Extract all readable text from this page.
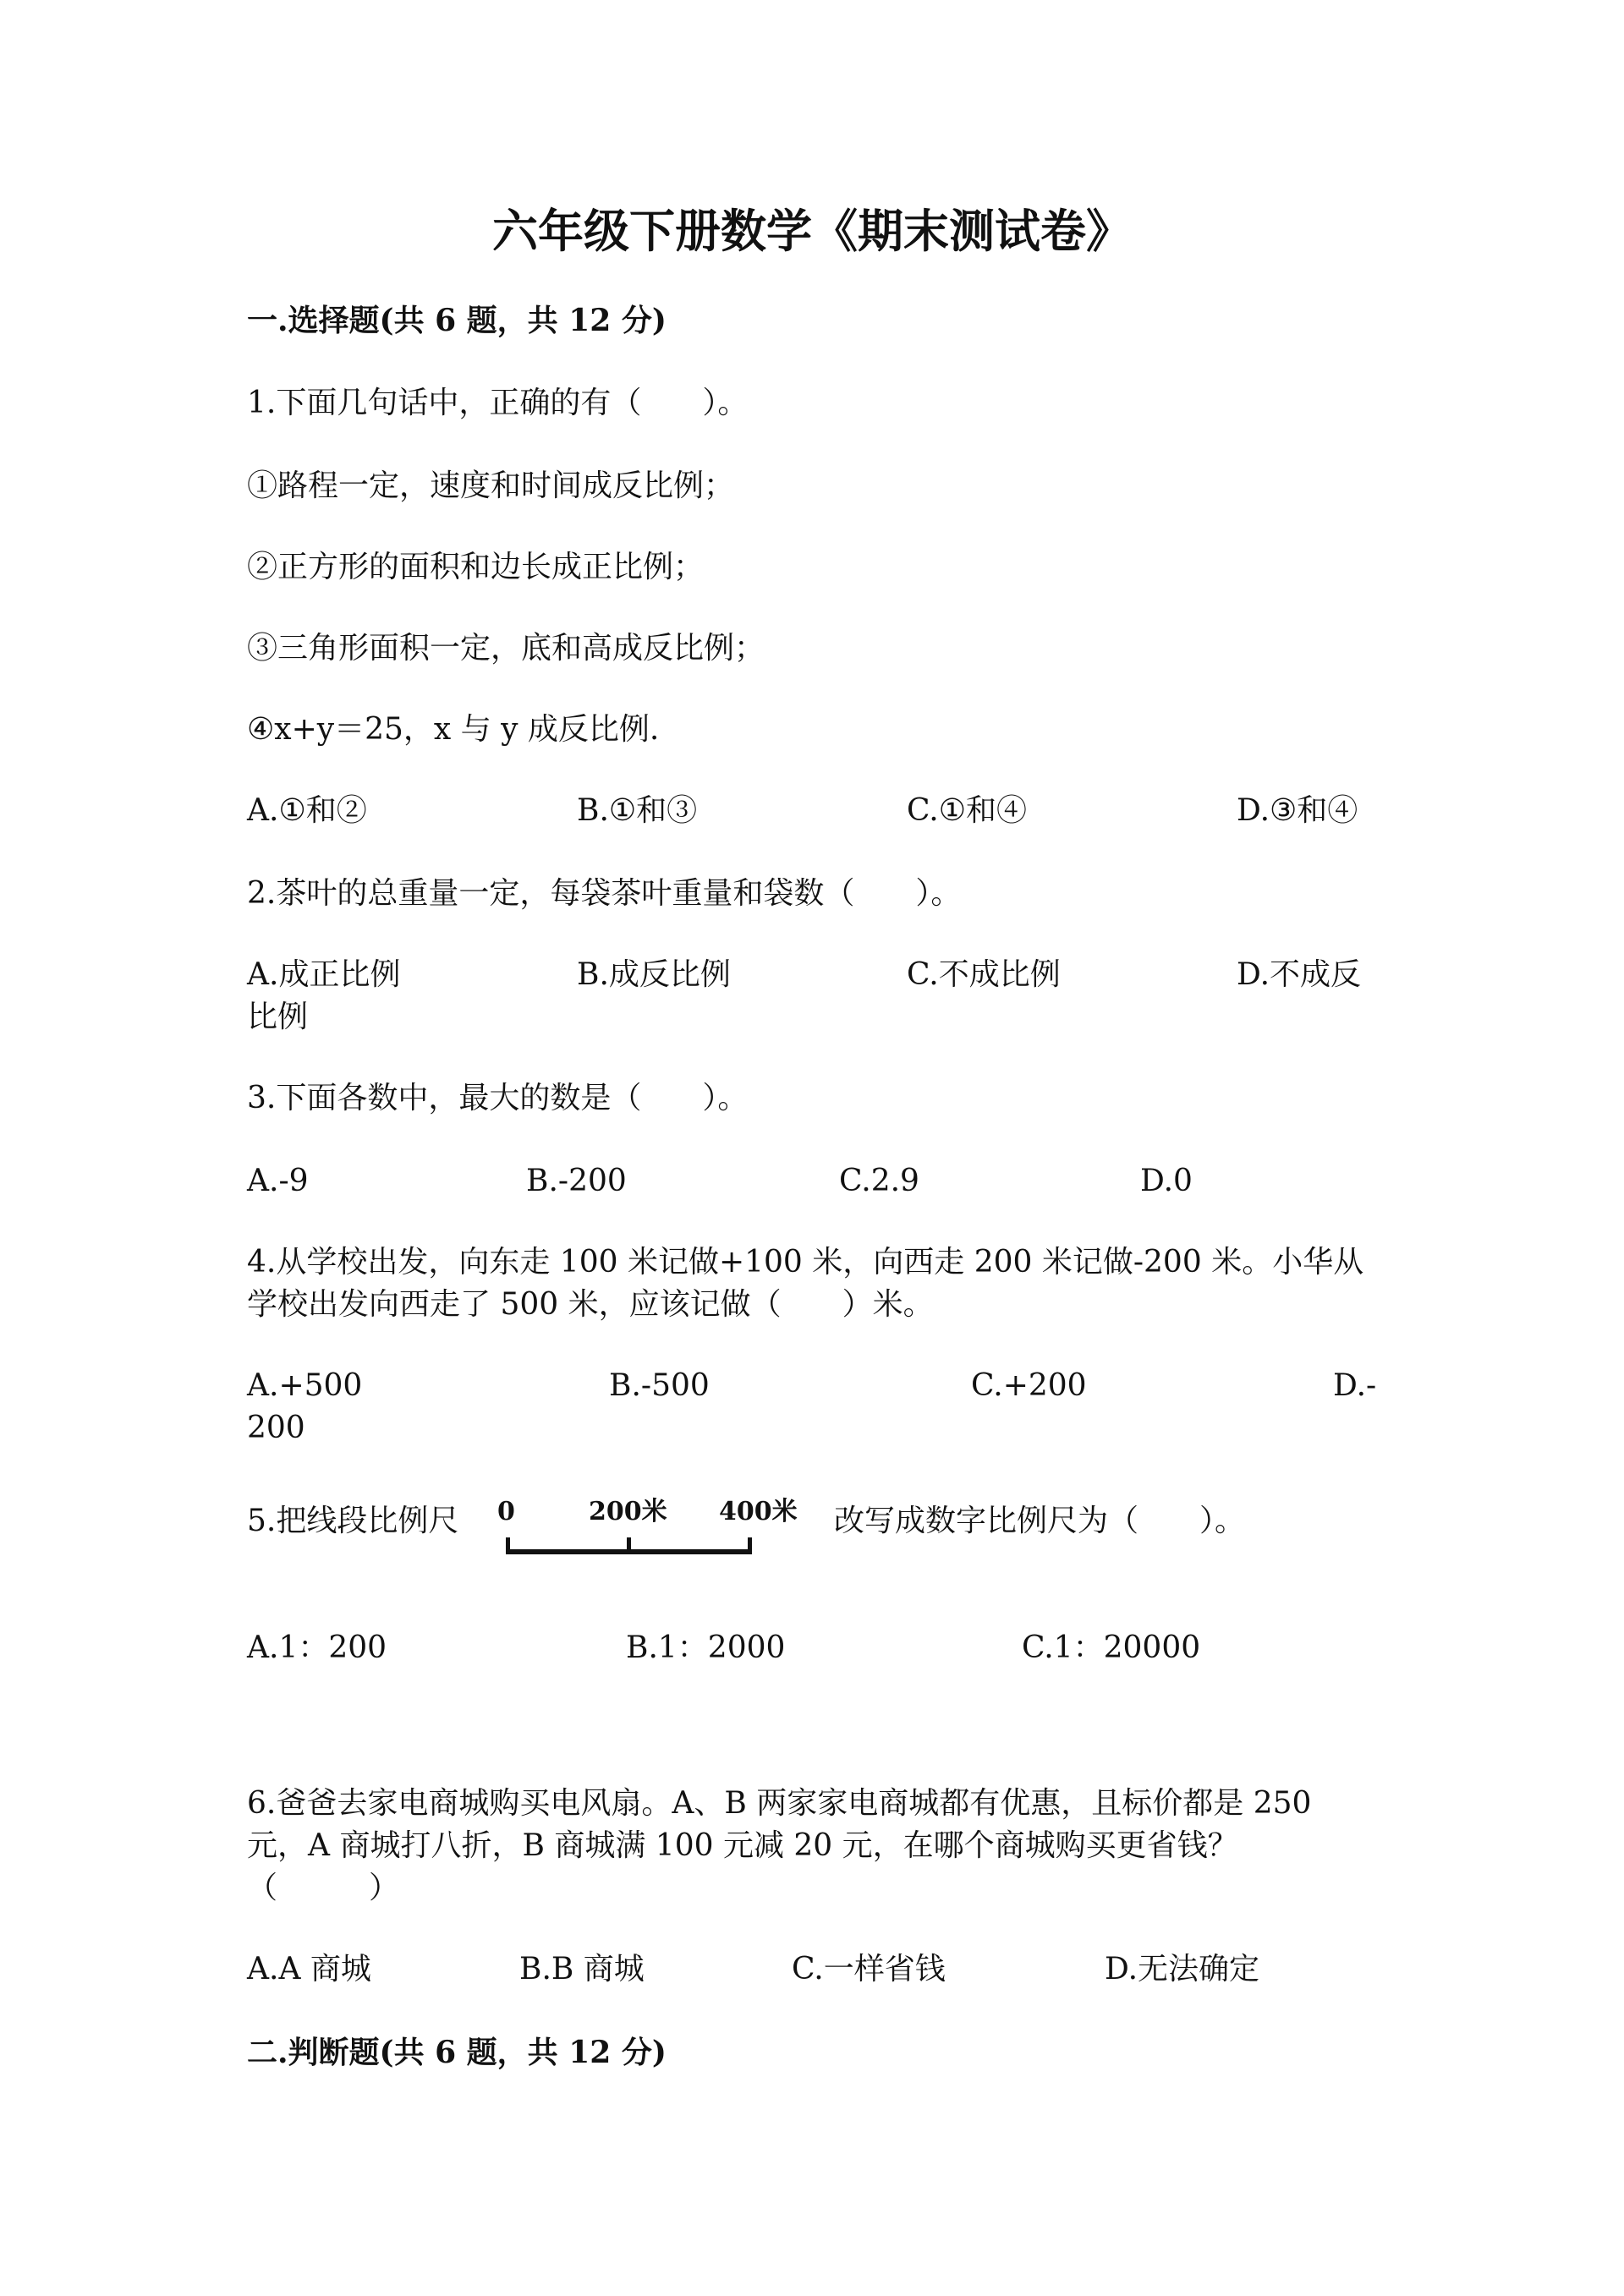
六年级下册数学《期末测试卷》
一.选择题(共 6 题，共 12 分)
1.下面几句话中，正确的有（　　）。
①路程一定，速度和时间成反比例；
②正方形的面积和边长成正比例；
③三角形面积一定，底和高成反比例；
④x+y＝25，x 与 y 成反比例.
A.①和②	B.①和③	C.①和④	D.③和④
2.茶叶的总重量一定，每袋茶叶重量和袋数（　　）。
A.成正比例	B.成反比例	C.不成比例	D.不成反
比例
3.下面各数中，最大的数是（　　）。
A.-9	B.-200	C.2.9	D.0
4.从学校出发，向东走 100 米记做+100 米，向西走 200 米记做-200 米。小华从
学校出发向西走了 500 米，应该记做（　　）米。
A.+500	B.-500	C.+200	D.-
200
5.把线段比例尺 0	200米 400米 改写成数字比例尺为（　　）。
A.1：200	B.1：2000	C.1：20000
6.爸爸去家电商城购买电风扇。A、B 两家家电商城都有优惠，且标价都是 250
元，A 商城打八折，B 商城满 100 元减 20 元，在哪个商城购买更省钱？
（　　　）
A.A 商城	B.B 商城	C.一样省钱	D.无法确定
二.判断题(共 6 题，共 12 分)
